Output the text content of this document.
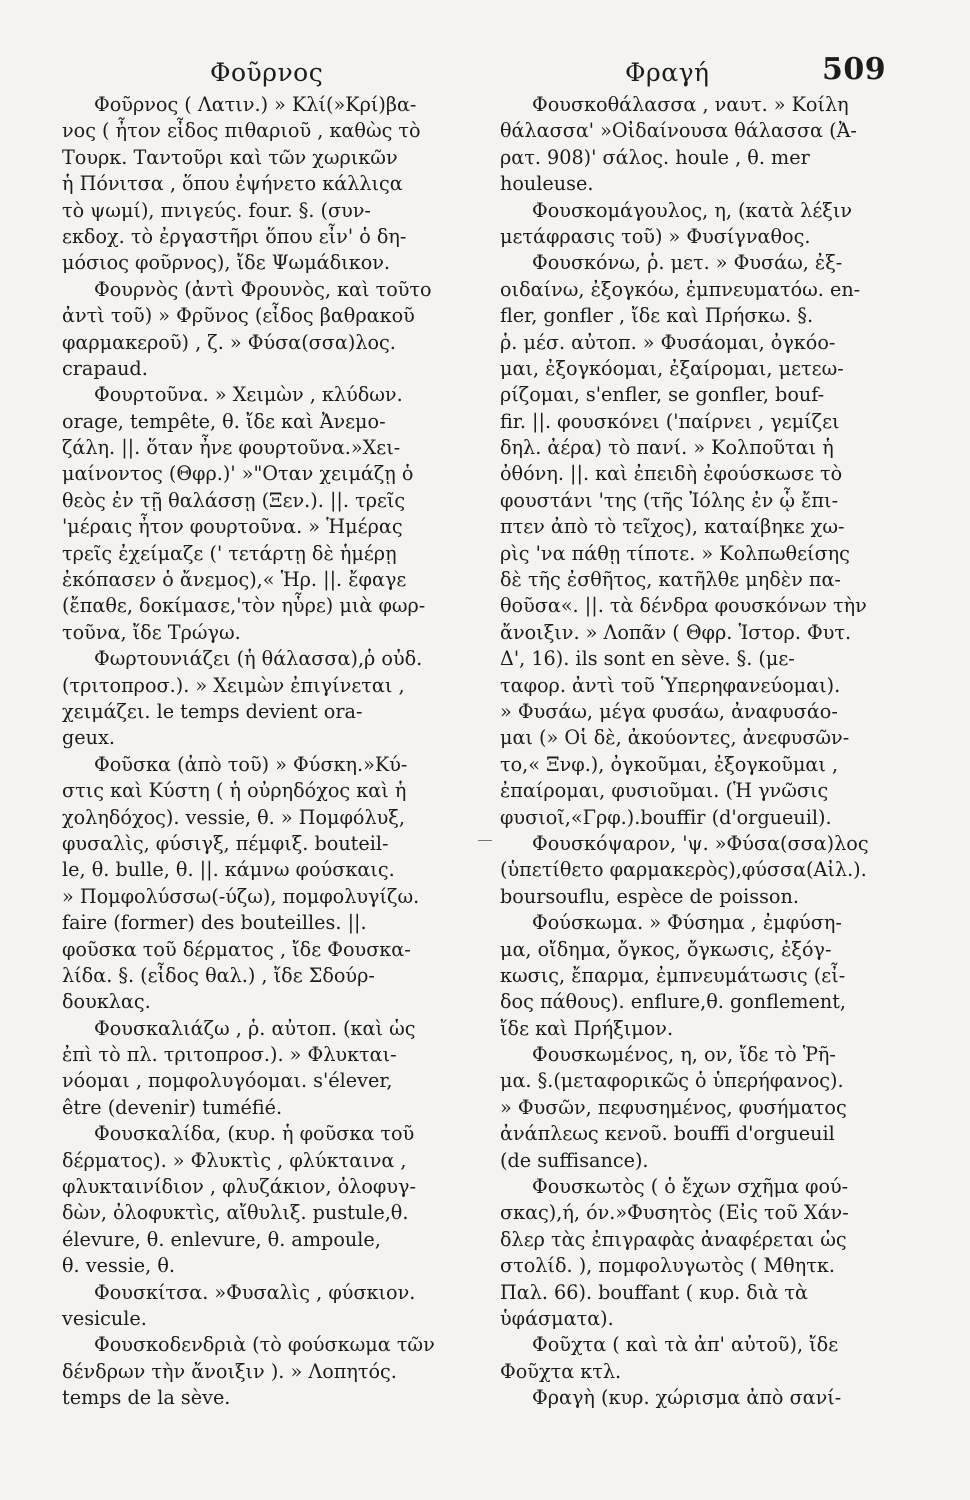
Φοῦρνος	Φραγή	509
Φοῦρνος ( Λατιν.) » Κλί(»Κρί)βα-
νος ( ἦτον εἶδος πιθαριοῦ , καθὼς τὸ
Τουρκ. Ταντοῦρι καὶ τῶν χωρικῶν
ἡ Πόνιτσα , ὅπου ἐψήνετο κάλλιςα
τὸ ψωμί), πνιγεύς. four. §. (συν-
εκδοχ. τὸ ἐργαστῆρι ὅπου εἶν' ὁ δη-
μόσιος φοῦρνος), ἴδε Ψωμάδικον.
Φουρνὸς (ἀντὶ Φρουνὸς, καὶ τοῦτο
ἀντὶ τοῦ) » Φρῦνος (εἶδος βαθρακοῦ
φαρμακεροῦ) , ζ. » Φύσα(σσα)λος.
crapaud.
Φουρτοῦνα. » Χειμὼν , κλύδων.
orage, tempête, θ. ἴδε καὶ Ἀνεμο-
ζάλη. ||. ὅταν ἦνε φουρτοῦνα.»Χει-
μαίνοντος (Θφρ.)' »"Οταν χειμάζῃ ὁ
θεὸς ἐν τῇ θαλάσσῃ (Ξεν.). ||. τρεῖς
'μέραις ἦτον φουρτοῦνα. » Ἡμέρας
τρεῖς ἐχείμαζε (' τετάρτῃ δὲ ἡμέρῃ
ἐκόπασεν ὁ ἄνεμος),« Ἡρ. ||. ἔφαγε
(ἔπαθε, δοκίμασε,'τὸν ηὗρε) μιὰ φωρ-
τοῦνα, ἴδε Τρώγω.
Φωρτουνιάζει (ἡ θάλασσα),ῥ οὐδ.
(τριτοπροσ.). » Χειμὼν ἐπιγίνεται ,
χειμάζει. le temps devient ora-
geux.
Φοῦσκα (ἀπὸ τοῦ) » Φύσκη.»Κύ-
στις καὶ Κύστη ( ἡ οὐρηδόχος καὶ ἡ
χοληδόχος). vessie, θ. » Πομφόλυξ,
φυσαλὶς, φύσιγξ, πέμφιξ. bouteil-
le, θ. bulle, θ. ||. κάμνω φούσκαις.
» Πομφολύσσω(-ύζω), πομφολυγίζω.
faire (former) des bouteilles. ||.
φοῦσκα τοῦ δέρματος , ἴδε Φουσκα-
λίδα. §. (εἶδος θαλ.) , ἴδε Σδούρ-
δουκλας.
Φουσκαλιάζω , ῥ. αὐτοπ. (καὶ ὡς
ἐπὶ τὸ πλ. τριτοπροσ.). » Φλυκται-
νόομαι , πομφολυγόομαι. s'élever,
être (devenir) tuméfié.
Φουσκαλίδα, (κυρ. ἡ φοῦσκα τοῦ
δέρματος). » Φλυκτὶς , φλύκταινα ,
φλυκταινίδιον , φλυζάκιον, ὀλοφυγ-
δὼν, ὀλοφυκτὶς, αἴθυλιξ. pustule,θ.
élevure, θ. enlevure, θ. ampoule,
θ. vessie, θ.
Φουσκίτσα. »Φυσαλὶς , φύσκιον.
vesicule.
Φουσκοδενδριὰ (τὸ φούσκωμα τῶν
δένδρων τὴν ἄνοιξιν ). » Λοπητός.
temps de la sève.
Φουσκοθάλασσα , ναυτ. » Κοίλη
θάλασσα' »Οἰδαίνουσα θάλασσα (Ἀ-
ρατ. 908)' σάλος. houle , θ. mer
houleuse.
Φουσκομάγουλος, η, (κατὰ λέξιν
μετάφρασις τοῦ) » Φυσίγναθος.
Φουσκόνω, ῥ. μετ. » Φυσάω, ἐξ-
οιδαίνω, ἐξογκόω, ἐμπνευματόω. en-
fler, gonfler , ἴδε καὶ Πρήσκω. §.
ῥ. μέσ. αὐτοπ. » Φυσάομαι, ὀγκόο-
μαι, ἐξογκόομαι, ἐξαίρομαι, μετεω-
ρίζομαι, s'enfler, se gonfler, bouf-
fir. ||. φουσκόνει ('παίρνει , γεμίζει
δηλ. ἀέρα) τὸ πανί. » Κολποῦται ἡ
ὀθόνη. ||. καὶ ἐπειδὴ ἐφούσκωσε τὸ
φουστάνι 'της (τῆς Ἰόλης ἐν ᾧ ἔπι-
πτεν ἀπὸ τὸ τεῖχος), καταίβηκε χω-
ρὶς 'να πάθῃ τίποτε. » Κολπωθείσης
δὲ τῆς ἐσθῆτος, κατῆλθε μηδὲν πα-
θοῦσα«. ||. τὰ δένδρα φουσκόνων τὴν
ἄνοιξιν. » Λοπᾶν ( Θφρ. Ἱστορ. Φυτ.
Δ', 16). ils sont en sève. §. (με-
ταφορ. ἀντὶ τοῦ Ὑπερηφανεύομαι).
» Φυσάω, μέγα φυσάω, ἀναφυσάο-
μαι (» Οἱ δὲ, ἀκούοντες, ἀνεφυσῶν-
το,« Ξνφ.), ὀγκοῦμαι, ἐξογκοῦμαι ,
ἐπαίρομαι, φυσιοῦμαι. (Ἡ γνῶσις
φυσιοῖ,«Γρφ.).bouffir (d'orgueuil).
Φουσκόψαρον, 'ψ. »Φύσα(σσα)λος
(ὑπετίθετο φαρμακερὸς),φύσσα(Αἰλ.).
boursouflu, espèce de poisson.
Φούσκωμα. » Φύσημα , ἐμφύση-
μα, οἴδημα, ὄγκος, ὄγκωσις, ἐξόγ-
κωσις, ἔπαρμα, ἐμπνευμάτωσις (εἶ-
δος πάθους). enflure,θ. gonflement,
ἴδε καὶ Πρήξιμον.
Φουσκωμένος, η, ον, ἴδε τὸ Ῥῆ-
μα. §.(μεταφορικῶς ὁ ὑπερήφανος).
» Φυσῶν, πεφυσημένος, φυσήματος
ἀνάπλεως κενοῦ. bouffi d'orgueuil
(de suffisance).
Φουσκωτὸς ( ὁ ἔχων σχῆμα φού-
σκας),ή, όν.»Φυσητὸς (Εἰς τοῦ Χάν-
δλερ τὰς ἐπιγραφὰς ἀναφέρεται ὡς
στολίδ. ), πομφολυγωτὸς ( Μθητκ.
Παλ. 66). bouffant ( κυρ. διὰ τὰ
ὑφάσματα).
Φοῦχτα ( καὶ τὰ ἀπ' αὐτοῦ), ἴδε
Φοῦχτα κτλ.
Φραγὴ (κυρ. χώρισμα ἀπὸ σανί-
